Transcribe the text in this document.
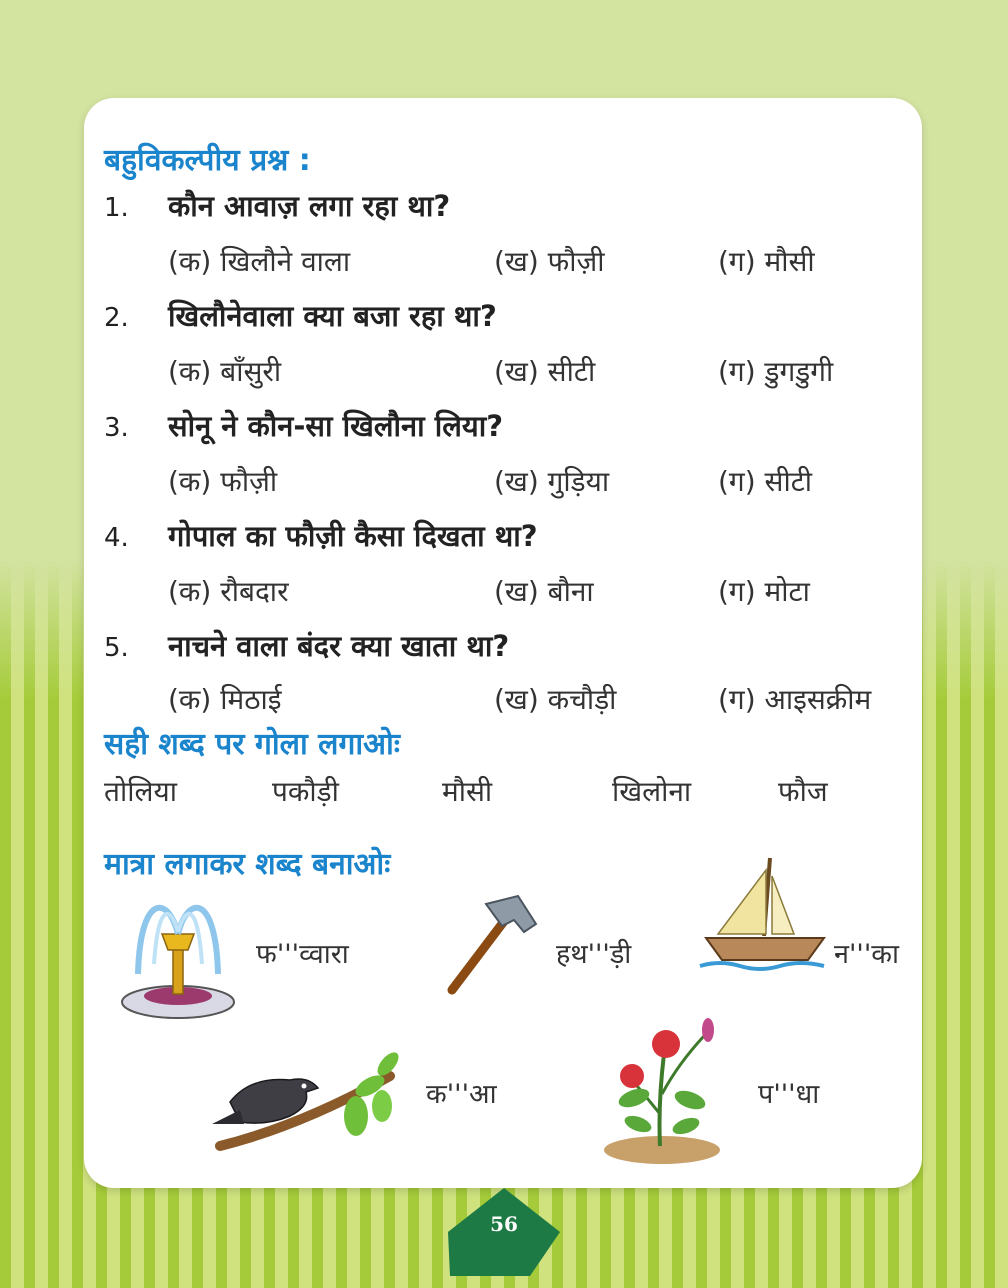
बहुविकल्पीय प्रश्न :
1. कौन आवाज़ लगा रहा था?
(क) खिलौने वाला	(ख) फौज़ी	(ग) मौसी
2. खिलौनेवाला क्या बजा रहा था?
(क) बाँसुरी	(ख) सीटी	(ग) डुगडुगी
3. सोनू ने कौन-सा खिलौना लिया?
(क) फौज़ी	(ख) गुड़िया	(ग) सीटी
4. गोपाल का फौज़ी कैसा दिखता था?
(क) रौबदार	(ख) बौना	(ग) मोटा
5. नाचने वाला बंदर क्या खाता था?
(क) मिठाई	(ख) कचौड़ी	(ग) आइसक्रीम
सही शब्द पर गोला लगाओः
तोलिया	पकौड़ी	मौसी	खिलोना	फौज
मात्रा लगाकर शब्द बनाओः
फ'''व्वारा	हथ'''ड़ी	न'''का
क'''आ	प'''धा
56
